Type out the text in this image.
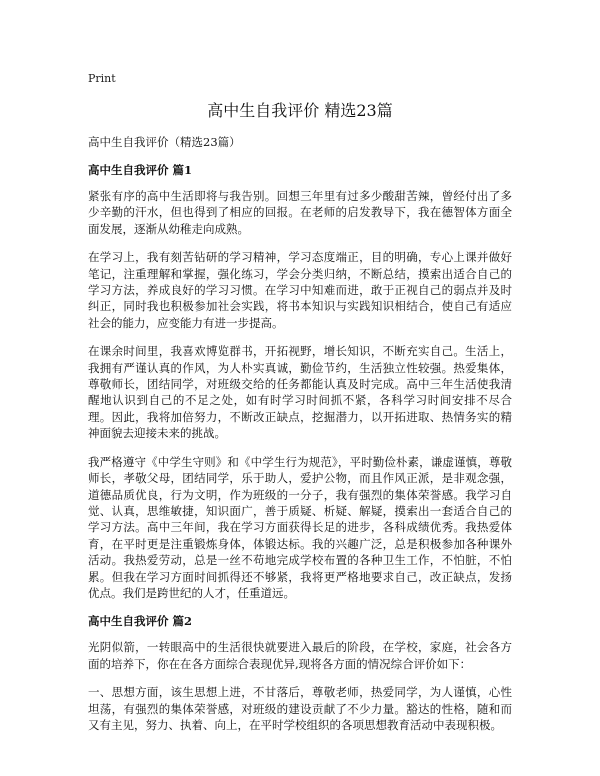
Print
高中生自我评价 精选23篇
高中生自我评价（精选23篇）
高中生自我评价 篇1

紧张有序的高中生活即将与我告别。回想三年里有过多少酸甜苦辣，曾经付出了多少辛勤的汗水，但也得到了相应的回报。在老师的启发教导下，我在德智体方面全面发展，逐渐从幼稚走向成熟。

在学习上，我有刻苦钻研的学习精神，学习态度端正，目的明确，专心上课并做好笔记，注重理解和掌握，强化练习，学会分类归纳，不断总结，摸索出适合自己的学习方法，养成良好的学习习惯。在学习中知难而进，敢于正视自己的弱点并及时纠正，同时我也积极参加社会实践，将书本知识与实践知识相结合，使自己有适应社会的能力，应变能力有进一步提高。

在课余时间里，我喜欢博览群书，开拓视野，增长知识，不断充实自己。生活上，我拥有严谨认真的作风，为人朴实真诚，勤俭节约，生活独立性较强。热爱集体，尊敬师长，团结同学，对班级交给的任务都能认真及时完成。高中三年生活使我清醒地认识到自己的不足之处，如有时学习时间抓不紧，各科学习时间安排不尽合理。因此，我将加倍努力，不断改正缺点，挖掘潜力，以开拓进取、热情务实的精神面貌去迎接未来的挑战。

我严格遵守《中学生守则》和《中学生行为规范》，平时勤俭朴素，谦虚谨慎，尊敬师长，孝敬父母，团结同学，乐于助人，爱护公物，而且作风正派，是非观念强，道德品质优良，行为文明，作为班级的一分子，我有强烈的集体荣誉感。我学习自觉、认真，思维敏捷，知识面广，善于质疑、析疑、解疑，摸索出一套适合自己的学习方法。高中三年间，我在学习方面获得长足的进步，各科成绩优秀。我热爱体育，在平时更是注重锻炼身体，体锻达标。我的兴趣广泛，总是积极参加各种课外活动。我热爱劳动，总是一丝不苟地完成学校布置的各种卫生工作，不怕脏，不怕累。但我在学习方面时间抓得还不够紧，我将更严格地要求自己，改正缺点，发扬优点。我们是跨世纪的人才，任重道远。

高中生自我评价 篇2

光阴似箭，一转眼高中的生活很快就要进入最后的阶段，在学校，家庭，社会各方面的培养下，你在在各方面综合表现优异,现将各方面的情况综合评价如下：

一、思想方面，该生思想上进，不甘落后，尊敬老师，热爱同学，为人谨慎，心性坦荡，有强烈的集体荣誉感，对班级的建设贡献了不少力量。豁达的性格，随和而又有主见，努力、执着、向上，在平时学校组织的各项思想教育活动中表现积极。
